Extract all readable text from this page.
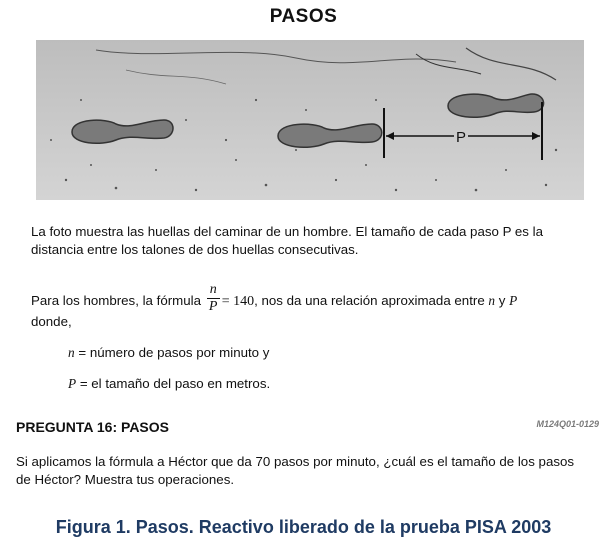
PASOS
P
La foto muestra las huellas del caminar de un hombre. El tamaño de cada paso P es la distancia entre los talones de dos huellas consecutivas.
Para los hombres, la fórmula $\frac{n}{P} = 140$, nos da una relación aproximada entre n y P
donde,
n = número de pasos por minuto y
P = el tamaño del paso en metros.
PREGUNTA 16: PASOS	M124Q01-0129
Si aplicamos la fórmula a Héctor que da 70 pasos por minuto, ¿cuál es el tamaño de los pasos de Héctor? Muestra tus operaciones.
Figura 1. Pasos. Reactivo liberado de la prueba PISA 2003
